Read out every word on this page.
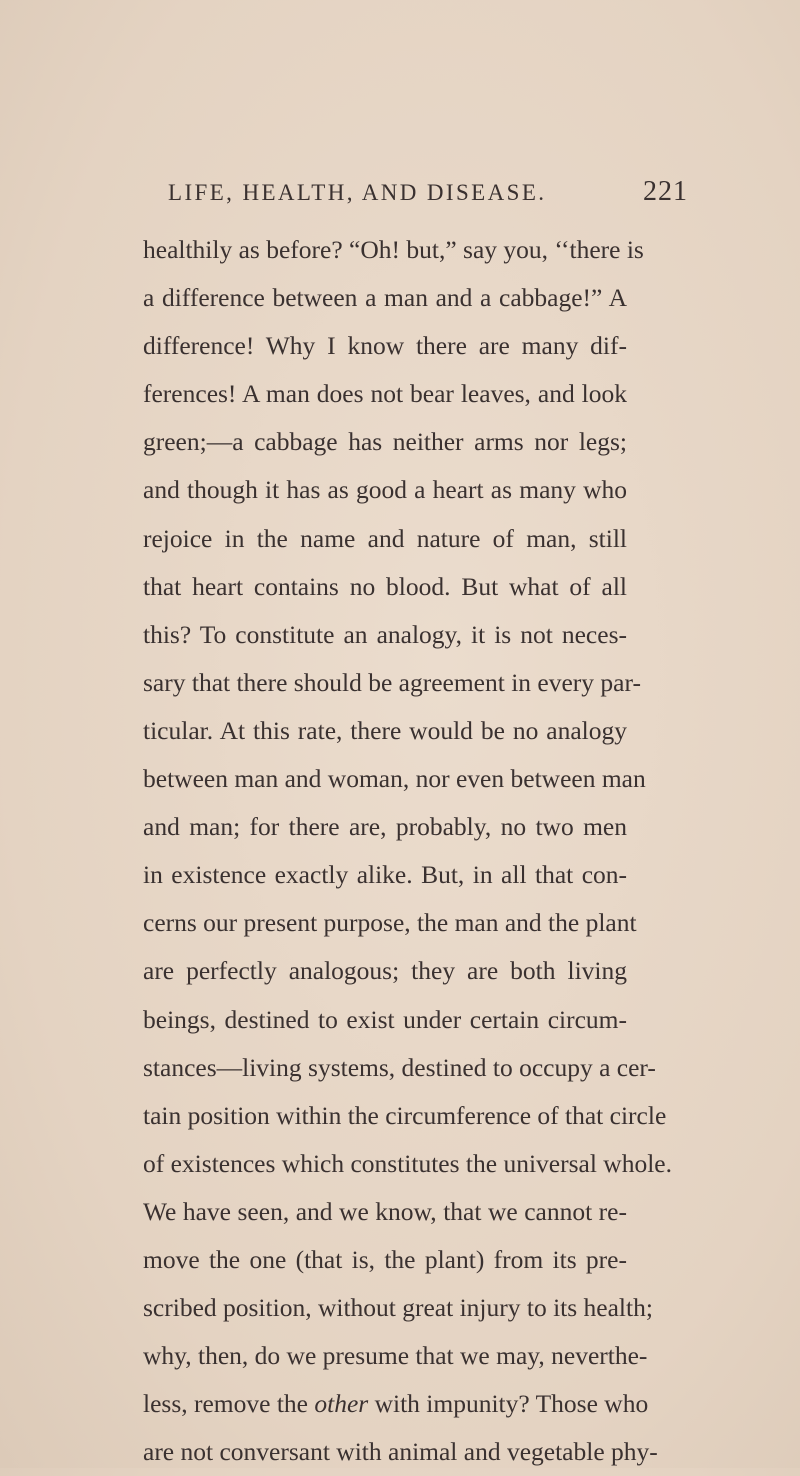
LIFE, HEALTH, AND DISEASE.	221
healthily as before? “Oh! but,” say you, ‘‘there is
a difference between a man and a cabbage!” A
difference! Why I know there are many dif-
ferences! A man does not bear leaves, and look
green;—a cabbage has neither arms nor legs;
and though it has as good a heart as many who
rejoice in the name and nature of man, still
that heart contains no blood. But what of all
this? To constitute an analogy, it is not neces-
sary that there should be agreement in every par-
ticular. At this rate, there would be no analogy
between man and woman, nor even between man
and man; for there are, probably, no two men
in existence exactly alike. But, in all that con-
cerns our present purpose, the man and the plant
are perfectly analogous; they are both living
beings, destined to exist under certain circum-
stances—living systems, destined to occupy a cer-
tain position within the circumference of that circle
of existences which constitutes the universal whole.
We have seen, and we know, that we cannot re-
move the one (that is, the plant) from its pre-
scribed position, without great injury to its health;
why, then, do we presume that we may, neverthe-
less, remove the other with impunity? Those who
are not conversant with animal and vegetable phy-
